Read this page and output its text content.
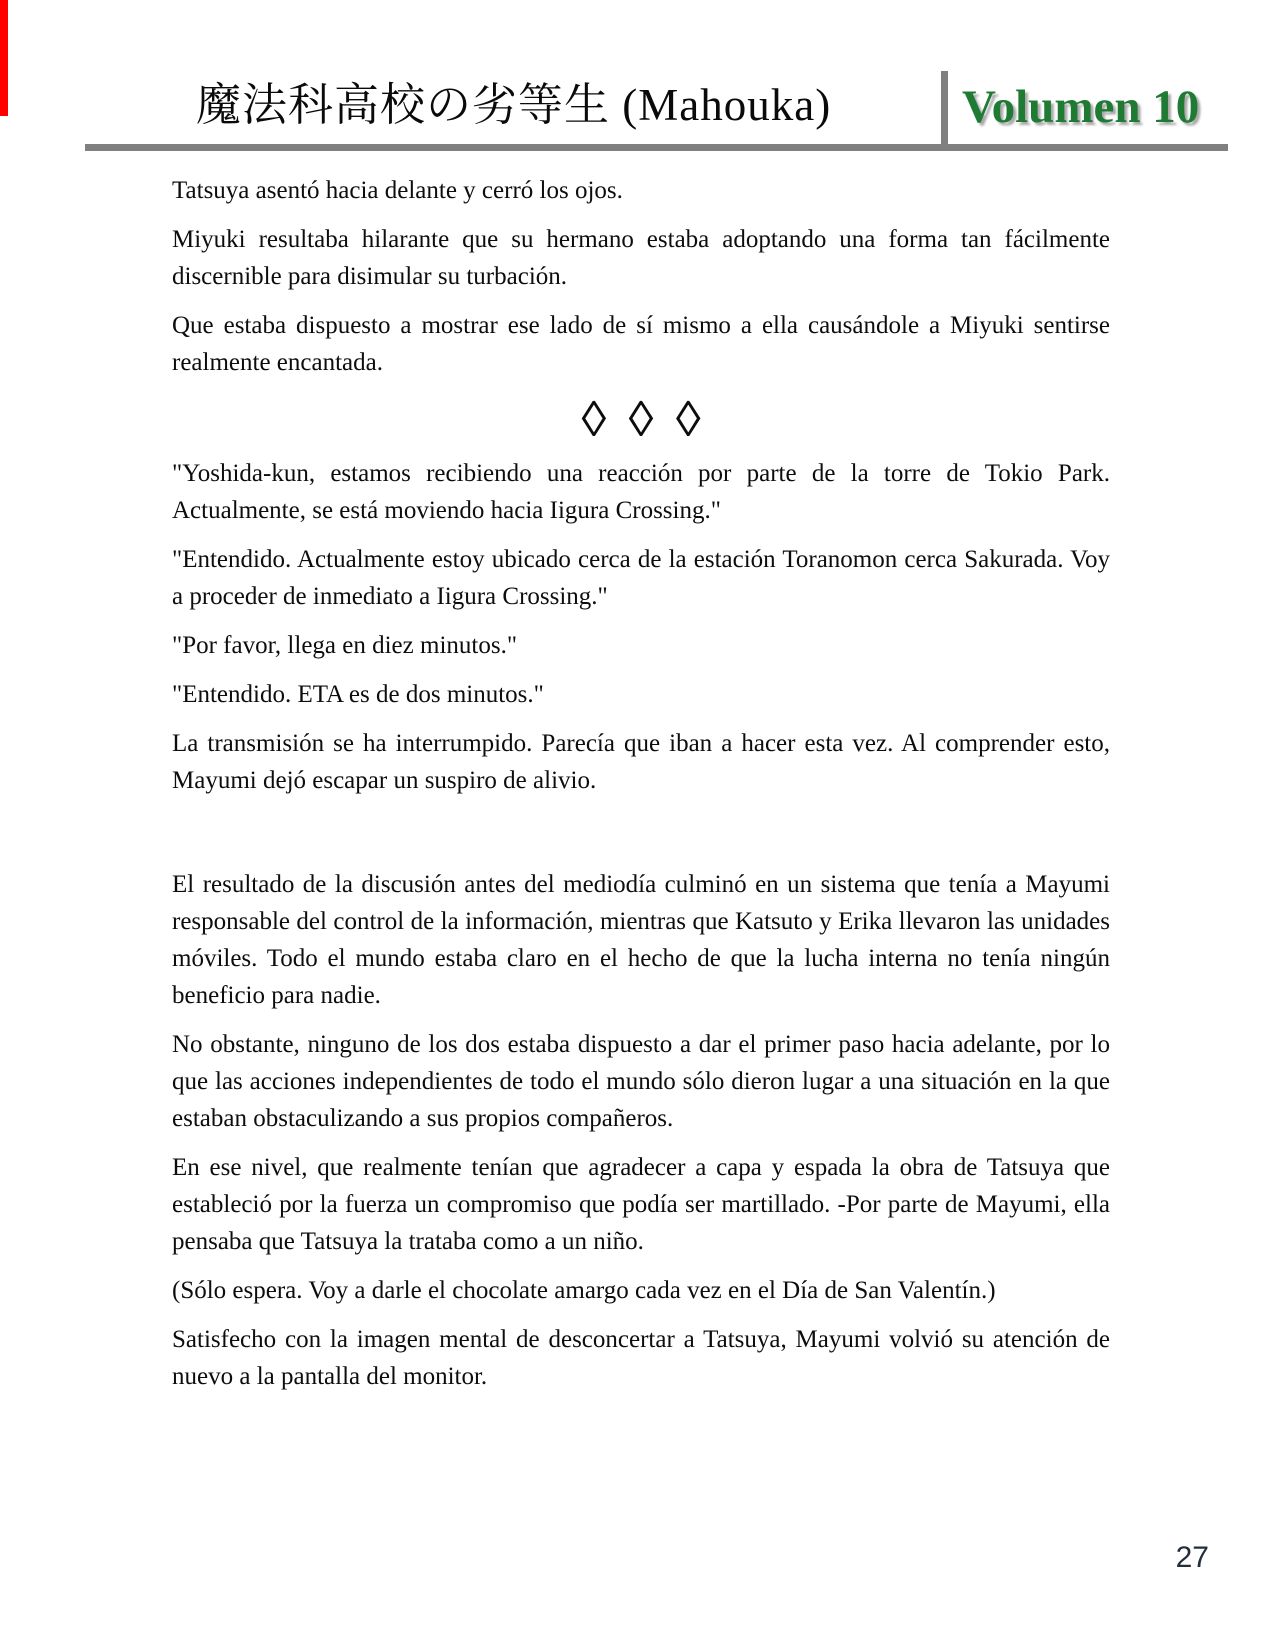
魔法科高校の劣等生 (Mahouka)	Volumen 10

Tatsuya asentó hacia delante y cerró los ojos.

Miyuki resultaba hilarante que su hermano estaba adoptando una forma tan fácilmente discernible para disimular su turbación.

Que estaba dispuesto a mostrar ese lado de sí mismo a ella causándole a Miyuki sentirse realmente encantada.

◊ ◊ ◊

"Yoshida-kun, estamos recibiendo una reacción por parte de la torre de Tokio Park. Actualmente, se está moviendo hacia Iigura Crossing."

"Entendido. Actualmente estoy ubicado cerca de la estación Toranomon cerca Sakurada. Voy a proceder de inmediato a Iigura Crossing."

"Por favor, llega en diez minutos."

"Entendido. ETA es de dos minutos."

La transmisión se ha interrumpido. Parecía que iban a hacer esta vez. Al comprender esto, Mayumi dejó escapar un suspiro de alivio.

El resultado de la discusión antes del mediodía culminó en un sistema que tenía a Mayumi responsable del control de la información, mientras que Katsuto y Erika llevaron las unidades móviles. Todo el mundo estaba claro en el hecho de que la lucha interna no tenía ningún beneficio para nadie.

No obstante, ninguno de los dos estaba dispuesto a dar el primer paso hacia adelante, por lo que las acciones independientes de todo el mundo sólo dieron lugar a una situación en la que estaban obstaculizando a sus propios compañeros.

En ese nivel, que realmente tenían que agradecer a capa y espada la obra de Tatsuya que estableció por la fuerza un compromiso que podía ser martillado. -Por parte de Mayumi, ella pensaba que Tatsuya la trataba como a un niño.

(Sólo espera. Voy a darle el chocolate amargo cada vez en el Día de San Valentín.)

Satisfecho con la imagen mental de desconcertar a Tatsuya, Mayumi volvió su atención de nuevo a la pantalla del monitor.

27
